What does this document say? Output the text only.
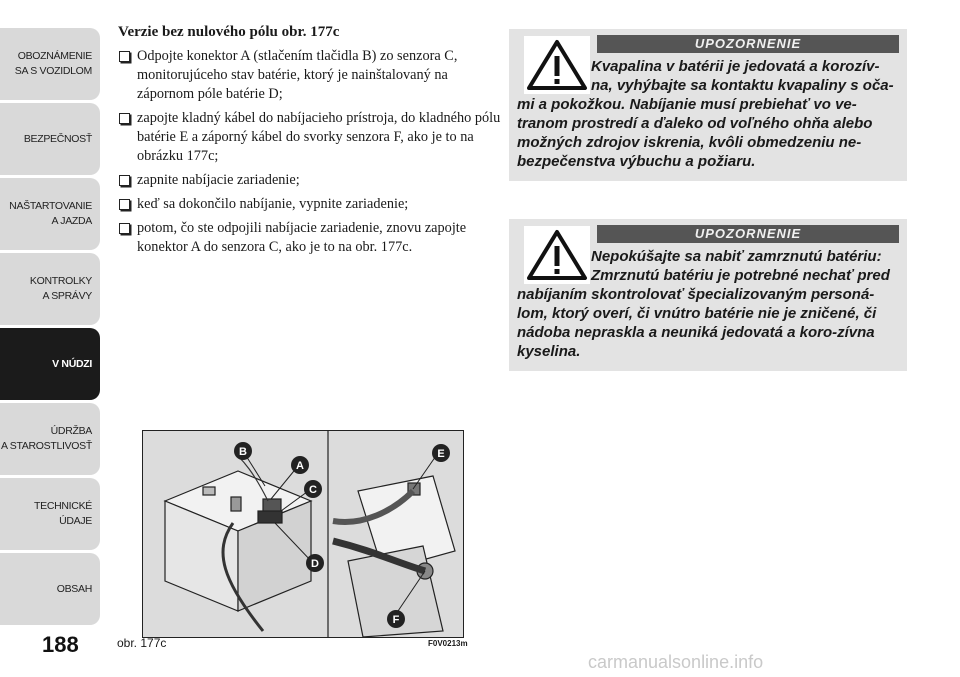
OBOZNÁMENIE
SA S VOZIDLOM
BEZPEČNOSŤ
NAŠTARTOVANIE
A JAZDA
KONTROLKY
A SPRÁVY
V NÚDZI
ÚDRŽBA
A STAROSTLIVOSŤ
TECHNICKÉ
ÚDAJE
OBSAH
188
Verzie bez nulového pólu obr. 177c
Odpojte konektor A (stlačením tlačidla B) zo senzora C, monitorujúceho stav batérie, ktorý je nainštalovaný na zápornom póle batérie D;
zapojte kladný kábel do nabíjacieho prístroja, do kladného pólu batérie E a záporný kábel do svorky senzora F, ako je to na obrázku 177c;
zapnite nabíjacie zariadenie;
keď sa dokončilo nabíjanie, vypnite zariadenie;
potom, čo ste odpojili nabíjacie zariadenie, znovu zapojte konektor A do senzora C, ako je to na obr. 177c.
UPOZORNENIE
Kvapalina v batérii je jedovatá a korozív-na, vyhýbajte sa kontaktu kvapaliny s oča-
mi a pokožkou. Nabíjanie musí prebiehať vo ve-tranom prostredí a ďaleko od voľného ohňa alebo možných zdrojov iskrenia, kvôli obmedzeniu ne-bezpečenstva výbuchu a požiaru.
UPOZORNENIE
Nepokúšajte sa nabiť zamrznutú batériu: Zmrznutú batériu je potrebné nechať pred
nabíjaním skontrolovať špecializovaným personá-lom, ktorý overí, či vnútro batérie nie je zničené, či nádoba nepraskla a neuniká jedovatá a koro-zívna kyselina.
B
A
C
D
E
F
obr. 177c	F0V0213m
carmanualsonline.info
